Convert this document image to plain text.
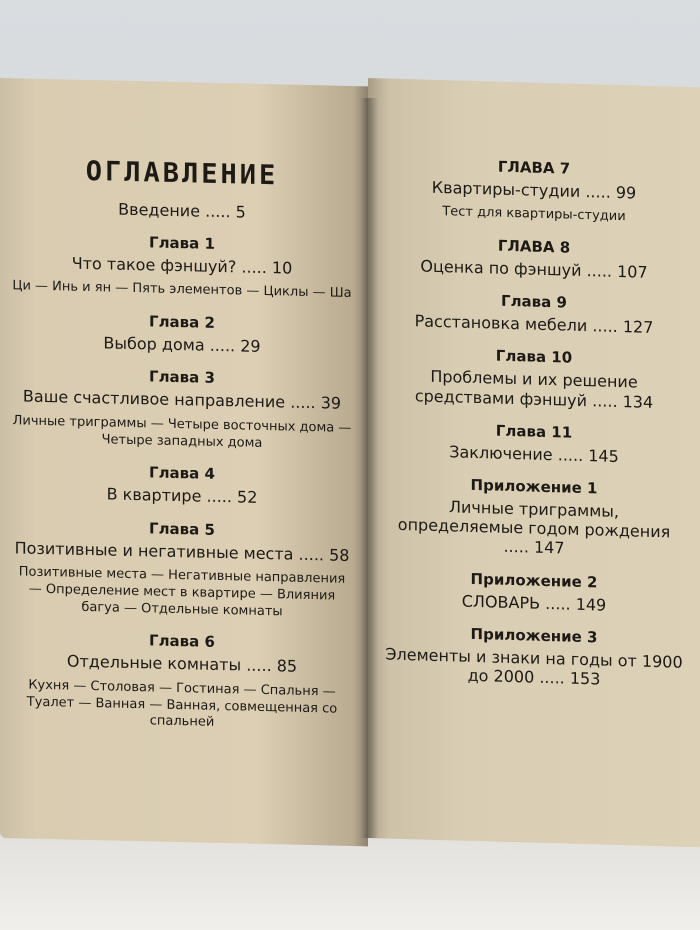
ОГЛАВЛЕНИЕ
Введение ..... 5
Глава 1
Что такое фэншуй? ..... 10
Ци — Инь и ян — Пять элементов — Циклы — Ша
Глава 2
Выбор дома ..... 29
Глава 3
Ваше счастливое направление ..... 39
Личные триграммы — Четыре восточных дома — Четыре западных дома
Глава 4
В квартире ..... 52
Глава 5
Позитивные и негативные места ..... 58
Позитивные места — Негативные направления — Определение мест в квартире — Влияния багуа — Отдельные комнаты
Глава 6
Отдельные комнаты ..... 85
Кухня — Столовая — Гостиная — Спальня — Туалет — Ванная — Ванная, совмещенная со спальней
ГЛАВА 7
Квартиры-студии ..... 99
Тест для квартиры-студии
ГЛАВА 8
Оценка по фэншуй ..... 107
Глава 9
Расстановка мебели ..... 127
Глава 10
Проблемы и их решение средствами фэншуй ..... 134
Глава 11
Заключение ..... 145
Приложение 1
Личные триграммы, определяемые годом рождения ..... 147
Приложение 2
СЛОВАРЬ ..... 149
Приложение 3
Элементы и знаки на годы от 1900 до 2000 ..... 153
